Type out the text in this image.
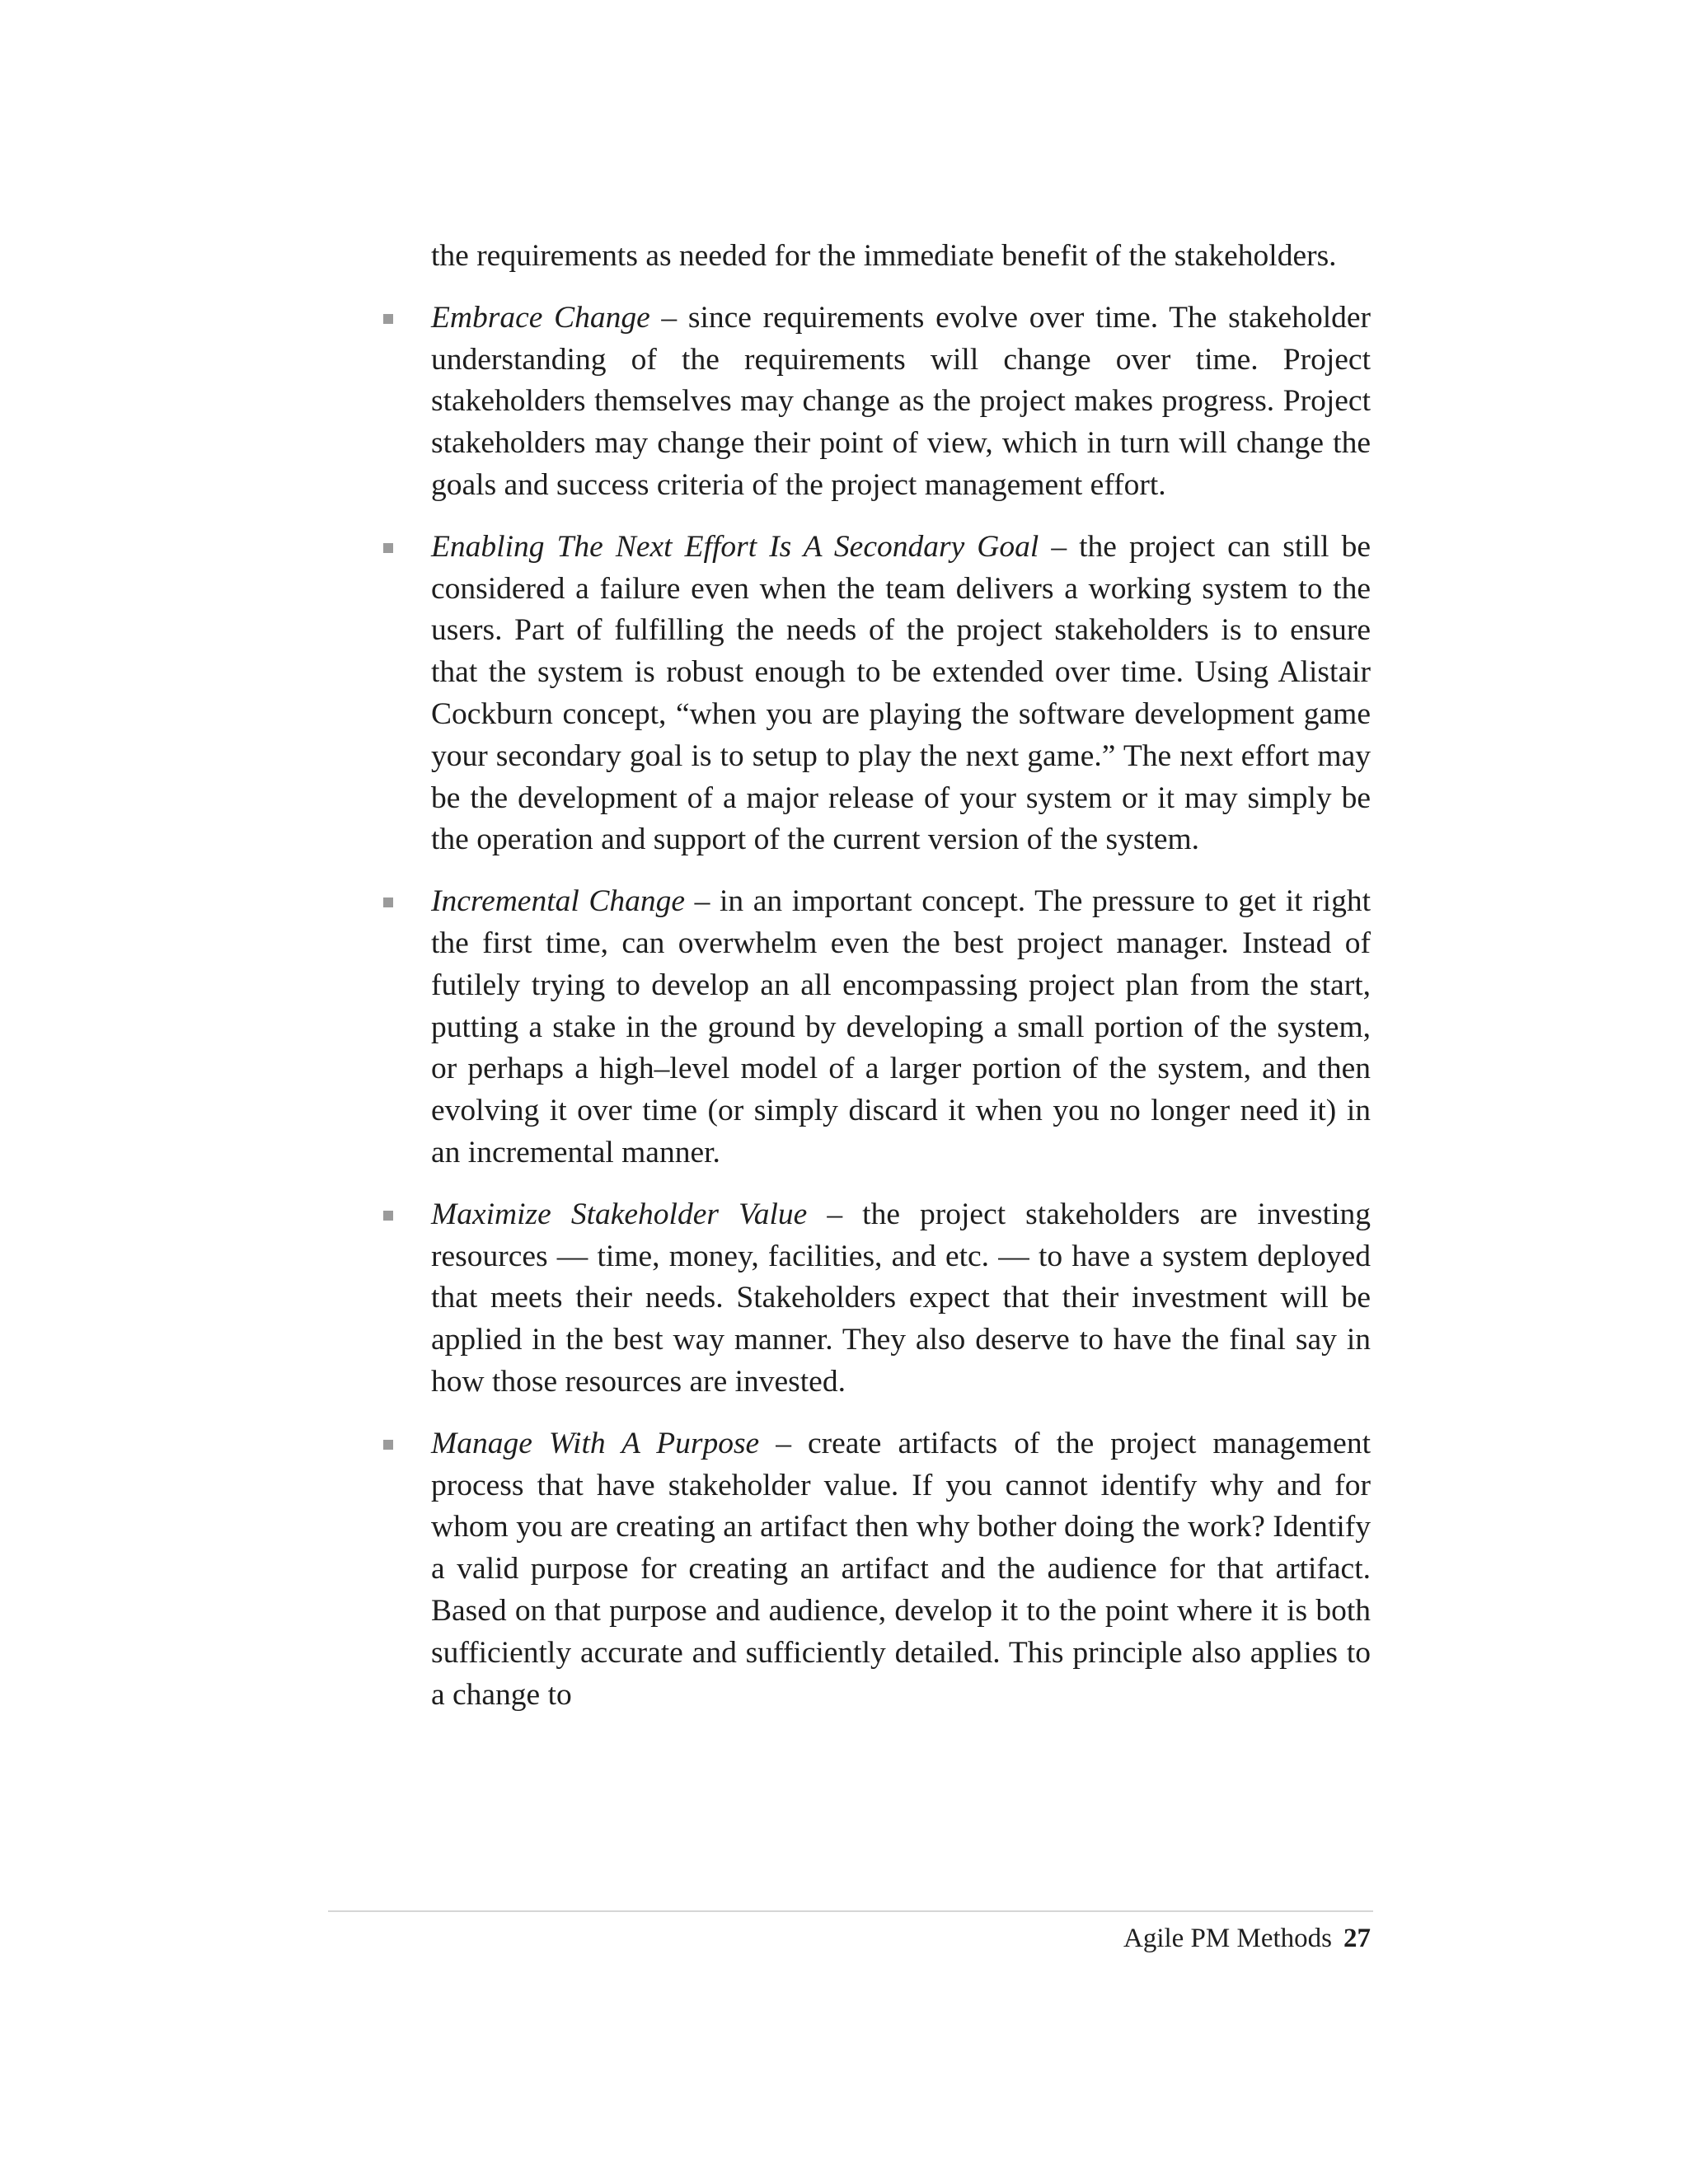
the requirements as needed for the immediate benefit of the stakeholders.

Embrace Change – since requirements evolve over time. The stakeholder understanding of the requirements will change over time. Project stakeholders themselves may change as the project makes progress. Project stakeholders may change their point of view, which in turn will change the goals and success criteria of the project management effort.
Enabling The Next Effort Is A Secondary Goal – the project can still be considered a failure even when the team delivers a working system to the users. Part of fulfilling the needs of the project stakeholders is to ensure that the system is robust enough to be extended over time. Using Alistair Cockburn concept, “when you are playing the software development game your secondary goal is to setup to play the next game.” The next effort may be the development of a major release of your system or it may simply be the operation and support of the current version of the system.
Incremental Change – in an important concept. The pressure to get it right the first time, can overwhelm even the best project manager. Instead of futilely trying to develop an all encompassing project plan from the start, putting a stake in the ground by developing a small portion of the system, or perhaps a high–level model of a larger portion of the system, and then evolving it over time (or simply discard it when you no longer need it) in an incremental manner.
Maximize Stakeholder Value – the project stakeholders are investing resources — time, money, facilities, and etc. — to have a system deployed that meets their needs. Stakeholders expect that their investment will be applied in the best way manner. They also deserve to have the final say in how those resources are invested.
Manage With A Purpose – create artifacts of the project management process that have stakeholder value. If you cannot identify why and for whom you are creating an artifact then why bother doing the work? Identify a valid purpose for creating an artifact and the audience for that artifact. Based on that purpose and audience, develop it to the point where it is both sufficiently accurate and sufficiently detailed. This principle also applies to a change to
Agile PM Methods 27
